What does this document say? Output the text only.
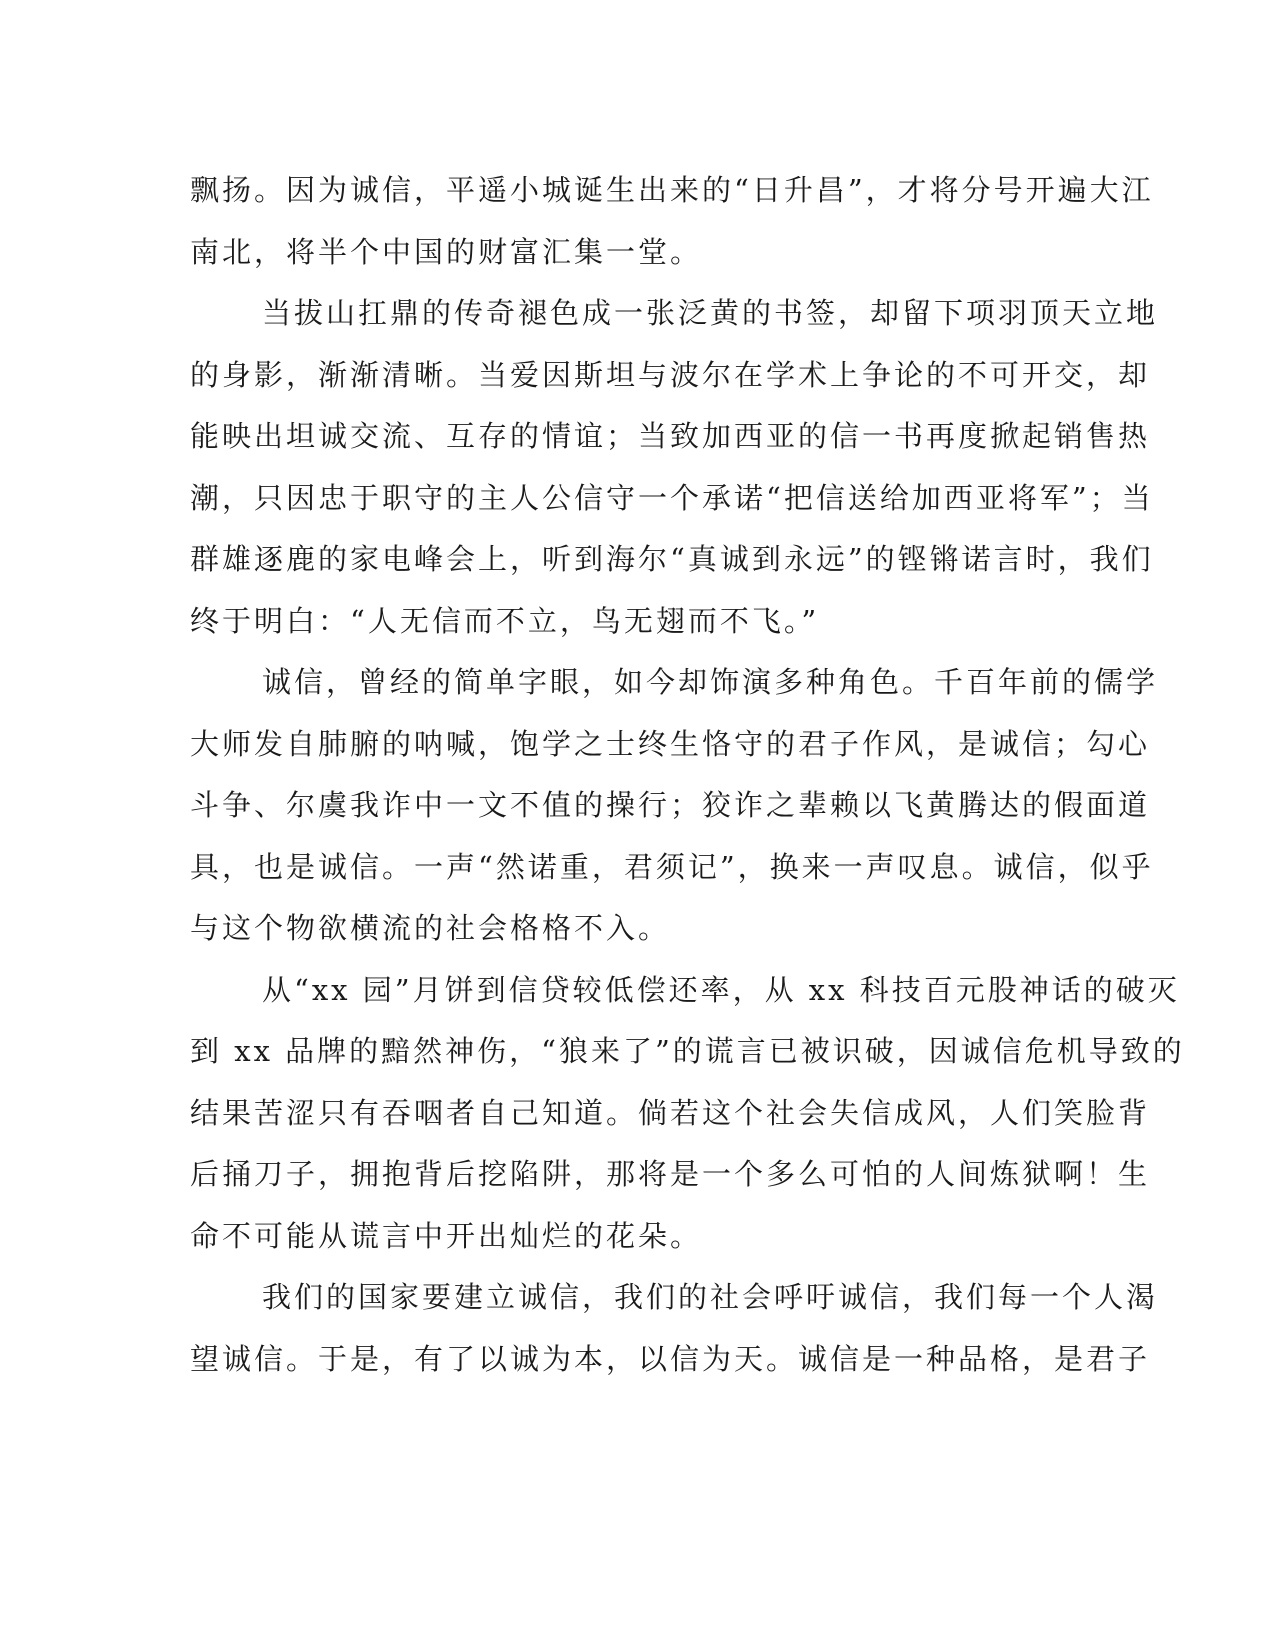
飘扬。因为诚信，平遥小城诞生出来的“日升昌”，才将分号开遍大江
南北，将半个中国的财富汇集一堂。
当拔山扛鼎的传奇褪色成一张泛黄的书签，却留下项羽顶天立地
的身影，渐渐清晰。当爱因斯坦与波尔在学术上争论的不可开交，却
能映出坦诚交流、互存的情谊；当致加西亚的信一书再度掀起销售热
潮，只因忠于职守的主人公信守一个承诺“把信送给加西亚将军”；当
群雄逐鹿的家电峰会上，听到海尔“真诚到永远”的铿锵诺言时，我们
终于明白：“人无信而不立，鸟无翅而不飞。”
诚信，曾经的简单字眼，如今却饰演多种角色。千百年前的儒学
大师发自肺腑的呐喊，饱学之士终生恪守的君子作风，是诚信；勾心
斗争、尔虞我诈中一文不值的操行；狡诈之辈赖以飞黄腾达的假面道
具，也是诚信。一声“然诺重，君须记”，换来一声叹息。诚信，似乎
与这个物欲横流的社会格格不入。
从“xx 园”月饼到信贷较低偿还率，从 xx 科技百元股神话的破灭
到 xx 品牌的黯然神伤，“狼来了”的谎言已被识破，因诚信危机导致的
结果苦涩只有吞咽者自己知道。倘若这个社会失信成风，人们笑脸背
后捅刀子，拥抱背后挖陷阱，那将是一个多么可怕的人间炼狱啊！生
命不可能从谎言中开出灿烂的花朵。
我们的国家要建立诚信，我们的社会呼吁诚信，我们每一个人渴
望诚信。于是，有了以诚为本，以信为天。诚信是一种品格，是君子
